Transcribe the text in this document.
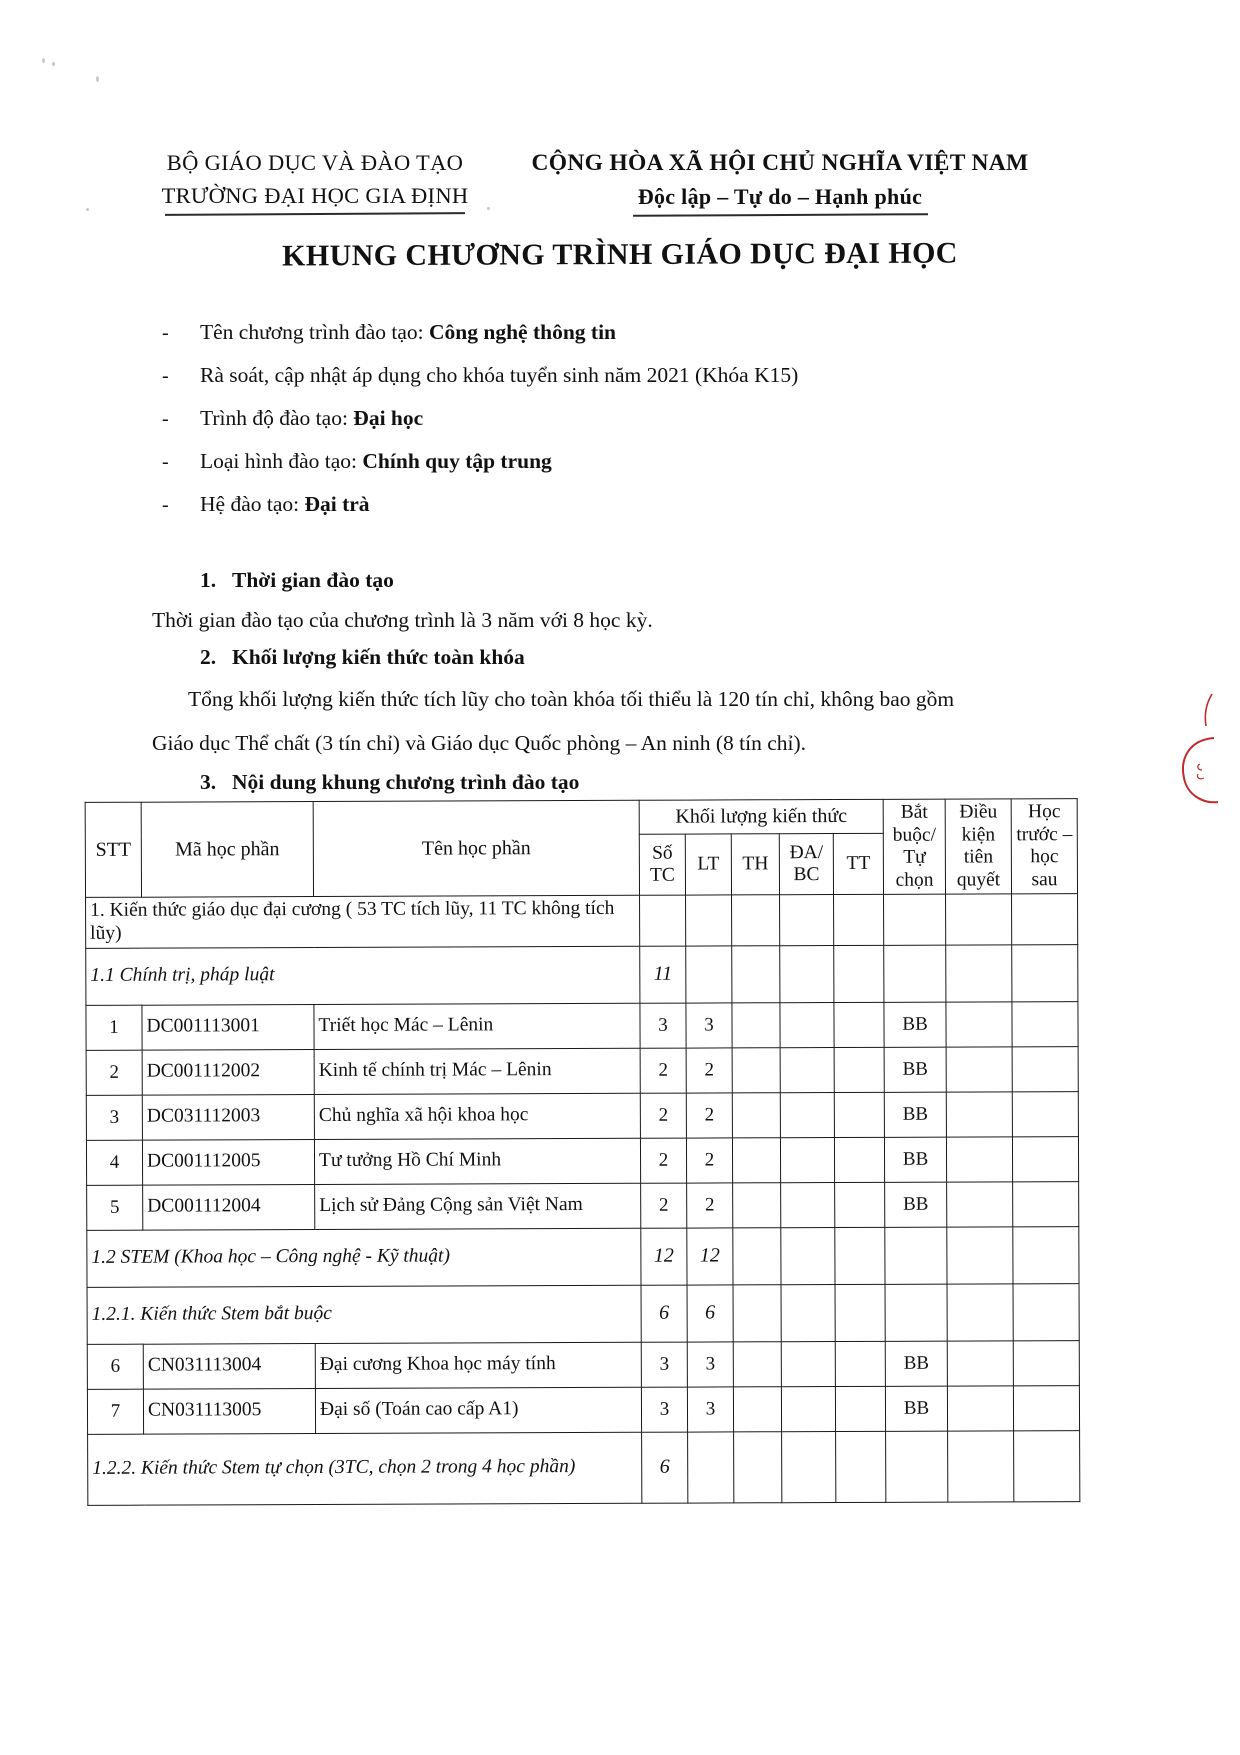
BỘ GIÁO DỤC VÀ ĐÀO TẠO
TRƯỜNG ĐẠI HỌC GIA ĐỊNH
CỘNG HÒA XÃ HỘI CHỦ NGHĨA VIỆT NAM
Độc lập – Tự do – Hạnh phúc
KHUNG CHƯƠNG TRÌNH GIÁO DỤC ĐẠI HỌC
-	Tên chương trình đào tạo: Công nghệ thông tin
-	Rà soát, cập nhật áp dụng cho khóa tuyển sinh năm 2021 (Khóa K15)
-	Trình độ đào tạo: Đại học
-	Loại hình đào tạo: Chính quy tập trung
-	Hệ đào tạo: Đại trà
1. Thời gian đào tạo
Thời gian đào tạo của chương trình là 3 năm với 8 học kỳ.
2. Khối lượng kiến thức toàn khóa
Tổng khối lượng kiến thức tích lũy cho toàn khóa tối thiểu là 120 tín chỉ, không bao gồm
Giáo dục Thể chất (3 tín chỉ) và Giáo dục Quốc phòng – An ninh (8 tín chỉ).
3. Nội dung khung chương trình đào tạo
STT	Mã học phần	Tên học phần	Khối lượng kiến thức					Bắt buộc/ Tự chọn	Điều kiện tiên quyết	Học trước – học sau
			Số TC	LT	TH	ĐA/ BC	TT			
1. Kiến thức giáo dục đại cương ( 53 TC tích lũy, 11 TC không tích lũy)										
1.1 Chính trị, pháp luật			11							
1	DC001113001	Triết học Mác – Lênin	3	3				BB		
2	DC001112002	Kinh tế chính trị Mác – Lênin	2	2				BB		
3	DC031112003	Chủ nghĩa xã hội khoa học	2	2				BB		
4	DC001112005	Tư tưởng Hồ Chí Minh	2	2				BB		
5	DC001112004	Lịch sử Đảng Cộng sản Việt Nam	2	2				BB		
1.2 STEM (Khoa học – Công nghệ - Kỹ thuật)			12	12						
1.2.1. Kiến thức Stem bắt buộc			6	6						
6	CN031113004	Đại cương Khoa học máy tính	3	3				BB		
7	CN031113005	Đại số (Toán cao cấp A1)	3	3				BB		
1.2.2. Kiến thức Stem tự chọn (3TC, chọn 2 trong 4 học phần)			6							
